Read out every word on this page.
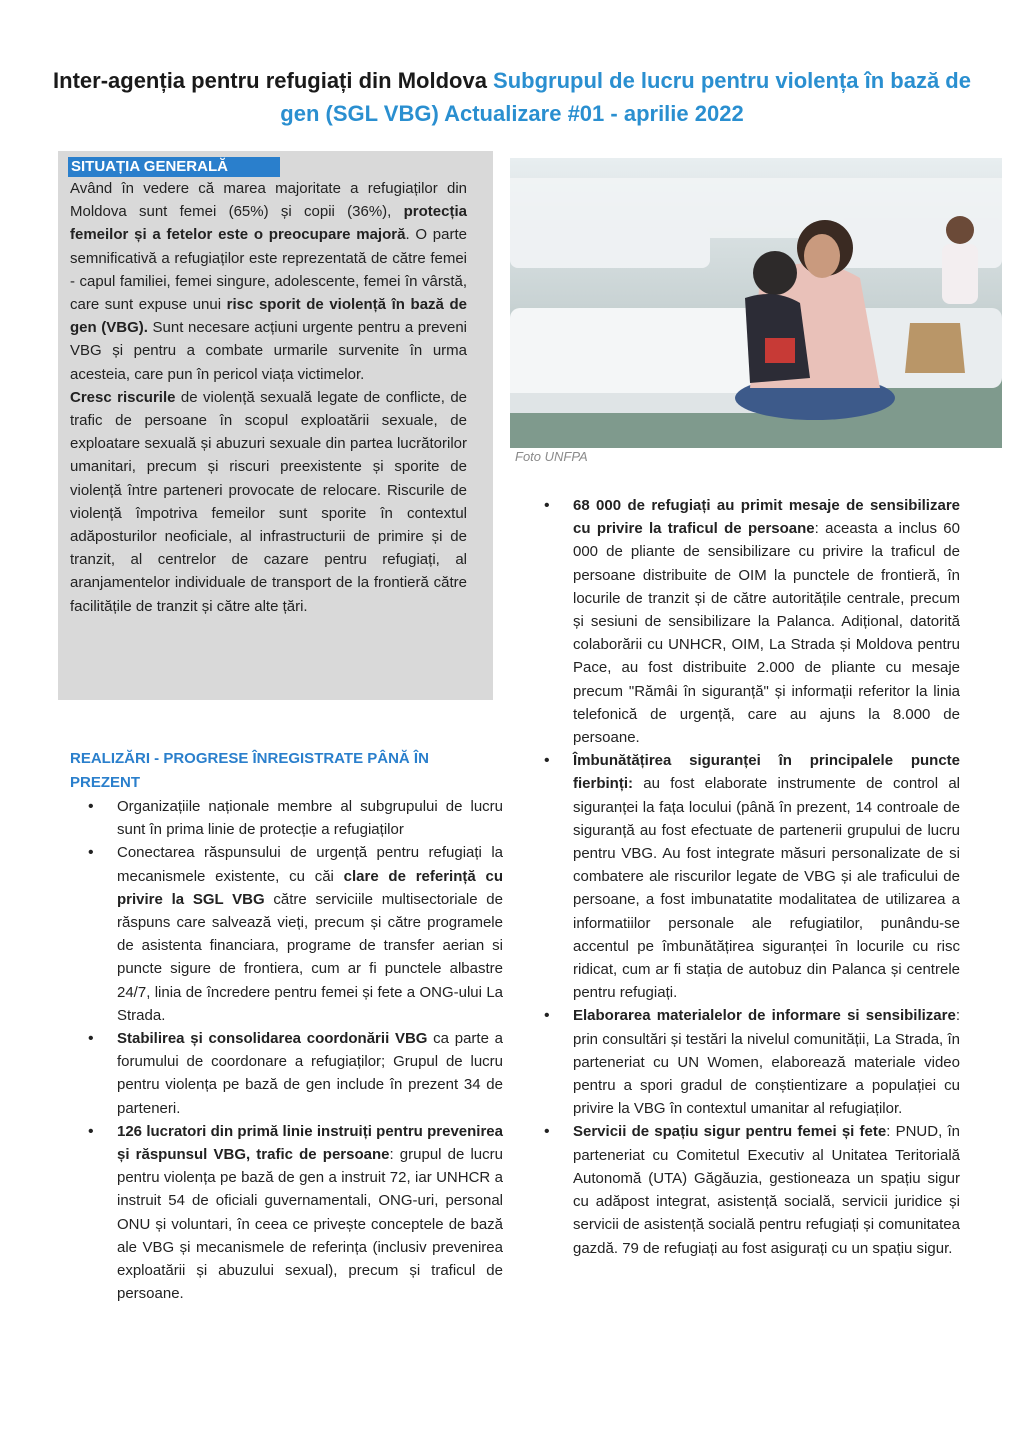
Inter-agenția pentru refugiați din Moldova Subgrupul de lucru pentru violența în bază de gen (SGL VBG) Actualizare #01 - aprilie 2022
SITUAȚIA GENERALĂ

Având în vedere că marea majoritate a refugiaților din Moldova sunt femei (65%) și copii (36%), protecția femeilor și a fetelor este o preocupare majoră. O parte semnificativă a refugiaților este reprezentată de către femei - capul familiei, femei singure, adolescente, femei în vârstă, care sunt expuse unui risc sporit de violență în bază de gen (VBG). Sunt necesare acțiuni urgente pentru a preveni VBG și pentru a combate urmarile survenite în urma acesteia, care pun în pericol viața victimelor.

Cresc riscurile de violență sexuală legate de conflicte, de trafic de persoane în scopul exploatării sexuale, de exploatare sexuală și abuzuri sexuale din partea lucrătorilor umanitari, precum și riscuri preexistente și sporite de violență între parteneri provocate de relocare. Riscurile de violență împotriva femeilor sunt sporite în contextul adăposturilor neoficiale, al infrastructurii de primire și de tranzit, al centrelor de cazare pentru refugiați, al aranjamentelor individuale de transport de la frontieră către facilitățile de tranzit și către alte țări.

Foto UNFPA
REALIZĂRI - PROGRESE ÎNREGISTRATE PÂNĂ ÎN PREZENT
• Organizațiile naționale membre al subgrupului de lucru sunt în prima linie de protecție a refugiaților
• Conectarea răspunsului de urgență pentru refugiați la mecanismele existente, cu căi clare de referință cu privire la SGL VBG către serviciile multisectoriale de răspuns care salvează vieți, precum și către programele de asistenta financiara, programe de transfer aerian si puncte sigure de frontiera, cum ar fi punctele albastre 24/7, linia de încredere pentru femei și fete a ONG-ului La Strada.
• Stabilirea și consolidarea coordonării VBG ca parte a forumului de coordonare a refugiaților; Grupul de lucru pentru violența pe bază de gen include în prezent 34 de parteneri.
• 126 lucratori din primă linie instruiți pentru prevenirea și răspunsul VBG, trafic de persoane: grupul de lucru pentru violența pe bază de gen a instruit 72, iar UNHCR a instruit 54 de oficiali guvernamentali, ONG-uri, personal ONU și voluntari, în ceea ce privește conceptele de bază ale VBG și mecanismele de referința (inclusiv prevenirea exploatării și abuzului sexual), precum și traficul de persoane.
• 68 000 de refugiați au primit mesaje de sensibilizare cu privire la traficul de persoane: aceasta a inclus 60 000 de pliante de sensibilizare cu privire la traficul de persoane distribuite de OIM la punctele de frontieră, în locurile de tranzit și de către autoritățile centrale, precum și sesiuni de sensibilizare la Palanca. Adițional, datorită colaborării cu UNHCR, OIM, La Strada și Moldova pentru Pace, au fost distribuite 2.000 de pliante cu mesaje precum "Rămâi în siguranță" și informații referitor la linia telefonică de urgență, care au ajuns la 8.000 de persoane.
• Îmbunătățirea siguranței în principalele puncte fierbinți: au fost elaborate instrumente de control al siguranței la fața locului (până în prezent, 14 controale de siguranță au fost efectuate de partenerii grupului de lucru pentru VBG. Au fost integrate măsuri personalizate de si combatere ale riscurilor legate de VBG și ale traficului de persoane, a fost imbunatatite modalitatea de utilizarea a informatiilor personale ale refugiatilor, punându-se accentul pe îmbunătățirea siguranței în locurile cu risc ridicat, cum ar fi stația de autobuz din Palanca și centrele pentru refugiați.
• Elaborarea materialelor de informare si sensibilizare: prin consultări și testări la nivelul comunității, La Strada, în parteneriat cu UN Women, elaborează materiale video pentru a spori gradul de conștientizare a populației cu privire la VBG în contextul umanitar al refugiaților.
• Servicii de spațiu sigur pentru femei și fete: PNUD, în parteneriat cu Comitetul Executiv al Unitatea Teritorială Autonomă (UTA) Găgăuzia, gestioneaza un spațiu sigur cu adăpost integrat, asistență socială, servicii juridice și servicii de asistență socială pentru refugiați și comunitatea gazdă. 79 de refugiați au fost asigurați cu un spațiu sigur.
